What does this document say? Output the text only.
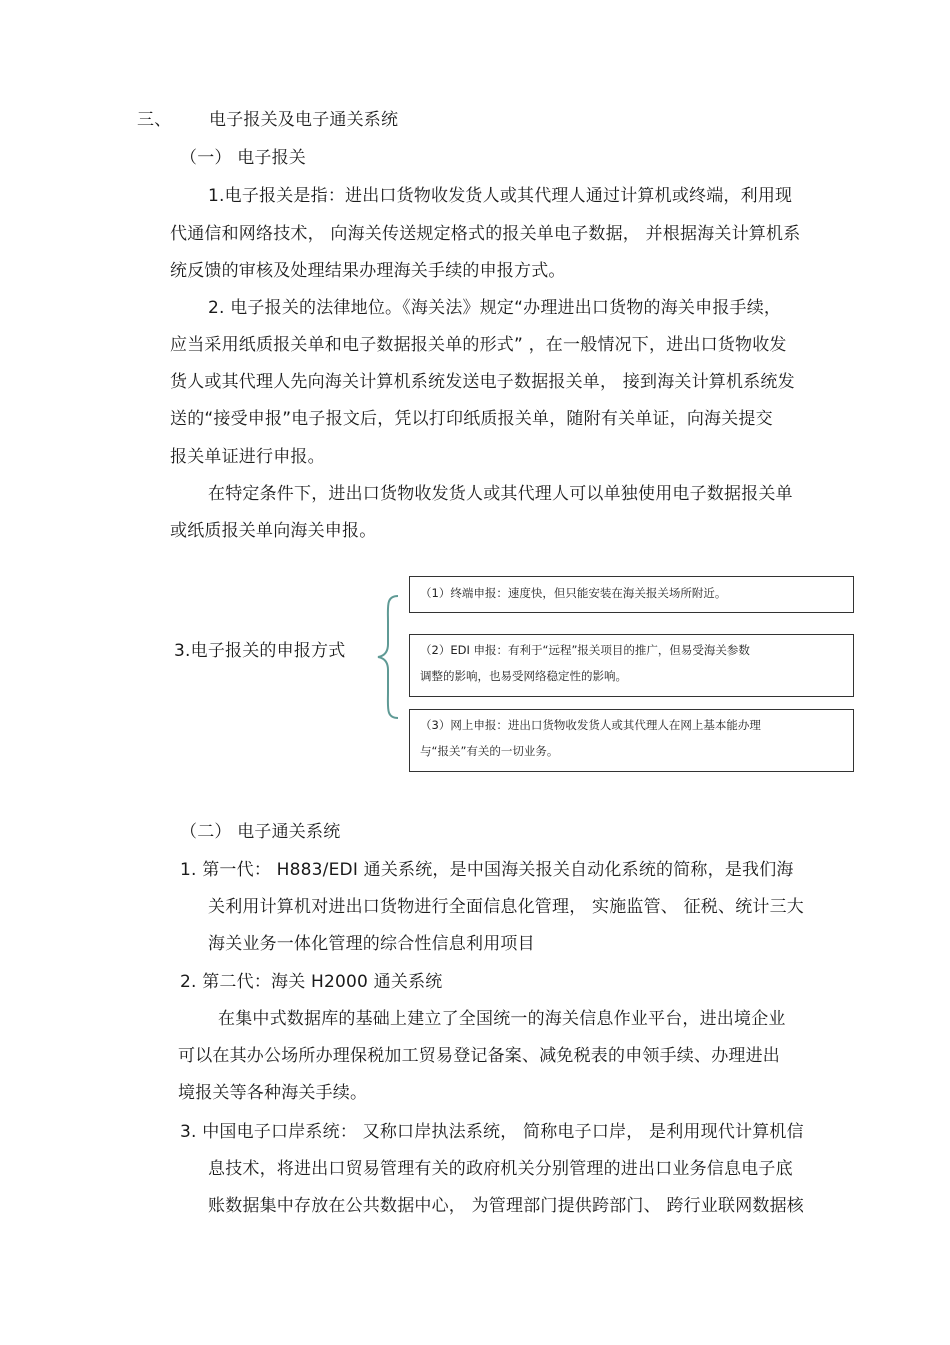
三、 电子报关及电子通关系统
（一） 电子报关
1.电子报关是指：进出口货物收发货人或其代理人通过计算机或终端，利用现
代通信和网络技术， 向海关传送规定格式的报关单电子数据， 并根据海关计算机系
统反馈的审核及处理结果办理海关手续的申报方式。
2. 电子报关的法律地位。《海关法》规定“办理进出口货物的海关申报手续，
应当采用纸质报关单和电子数据报关单的形式” ，在一般情况下，进出口货物收发
货人或其代理人先向海关计算机系统发送电子数据报关单， 接到海关计算机系统发
送的“接受申报”电子报文后，凭以打印纸质报关单，随附有关单证，向海关提交
报关单证进行申报。
在特定条件下，进出口货物收发货人或其代理人可以单独使用电子数据报关单
或纸质报关单向海关申报。
3.电子报关的申报方式
（1）终端申报：速度快，但只能安装在海关报关场所附近。
（2）EDI 申报：有利于“远程”报关项目的推广，但易受海关参数
调整的影响，也易受网络稳定性的影响。
（3）网上申报：进出口货物收发货人或其代理人在网上基本能办理
与“报关”有关的一切业务。
（二） 电子通关系统
1. 第一代： H883/EDI 通关系统，是中国海关报关自动化系统的简称，是我们海
关利用计算机对进出口货物进行全面信息化管理， 实施监管、 征税、统计三大
海关业务一体化管理的综合性信息利用项目
2. 第二代：海关 H2000 通关系统
在集中式数据库的基础上建立了全国统一的海关信息作业平台，进出境企业
可以在其办公场所办理保税加工贸易登记备案、减免税表的申领手续、办理进出
境报关等各种海关手续。
3. 中国电子口岸系统： 又称口岸执法系统， 简称电子口岸， 是利用现代计算机信
息技术，将进出口贸易管理有关的政府机关分别管理的进出口业务信息电子底
账数据集中存放在公共数据中心， 为管理部门提供跨部门、 跨行业联网数据核
